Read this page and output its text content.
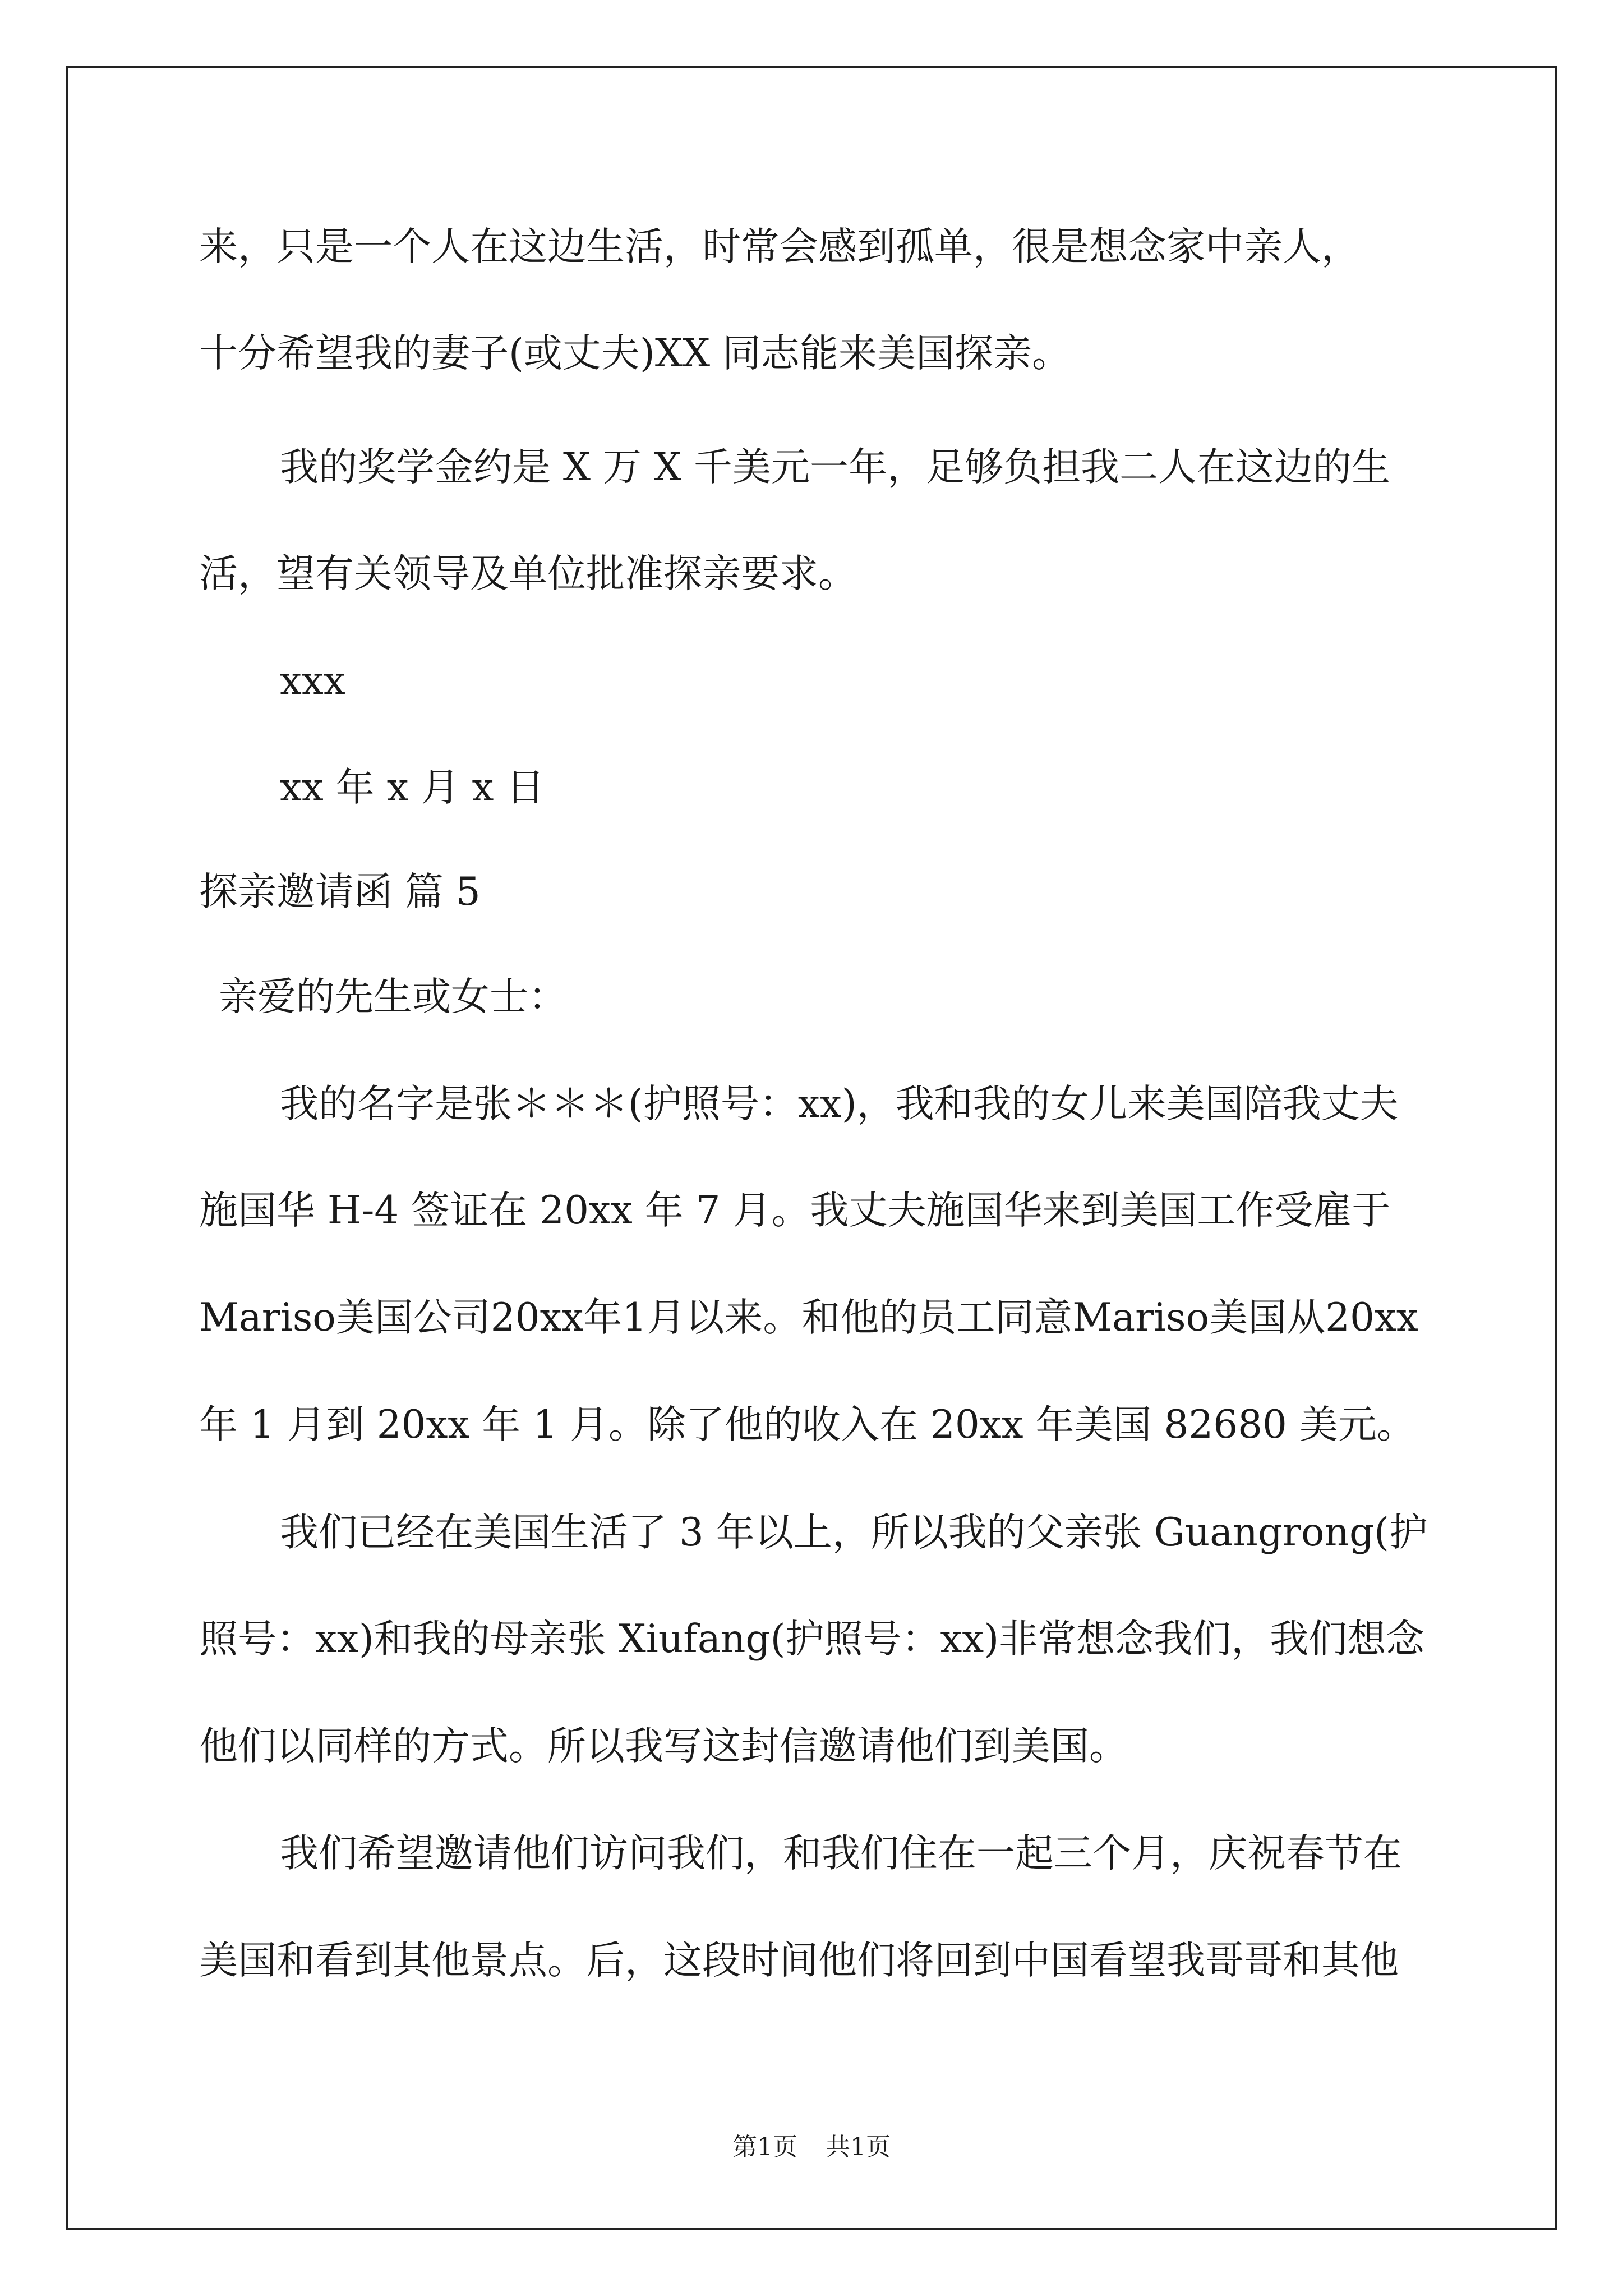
来，只是一个人在这边生活，时常会感到孤单，很是想念家中亲人，
十分希望我的妻子(或丈夫)XX 同志能来美国探亲。
我的奖学金约是 X 万 X 千美元一年，足够负担我二人在这边的生
活，望有关领导及单位批准探亲要求。
xxx
xx 年 x 月 x 日
探亲邀请函 篇 5
亲爱的先生或女士：
我的名字是张＊＊＊(护照号：xx)，我和我的女儿来美国陪我丈夫
施国华 H-4 签证在 20xx 年 7 月。我丈夫施国华来到美国工作受雇于
Mariso美国公司20xx年1月以来。和他的员工同意Mariso美国从20xx
年 1 月到 20xx 年 1 月。除了他的收入在 20xx 年美国 82680 美元。
我们已经在美国生活了 3 年以上，所以我的父亲张 Guangrong(护
照号：xx)和我的母亲张 Xiufang(护照号：xx)非常想念我们，我们想念
他们以同样的方式。所以我写这封信邀请他们到美国。
我们希望邀请他们访问我们，和我们住在一起三个月，庆祝春节在
美国和看到其他景点。后，这段时间他们将回到中国看望我哥哥和其他
第1页 共1页
